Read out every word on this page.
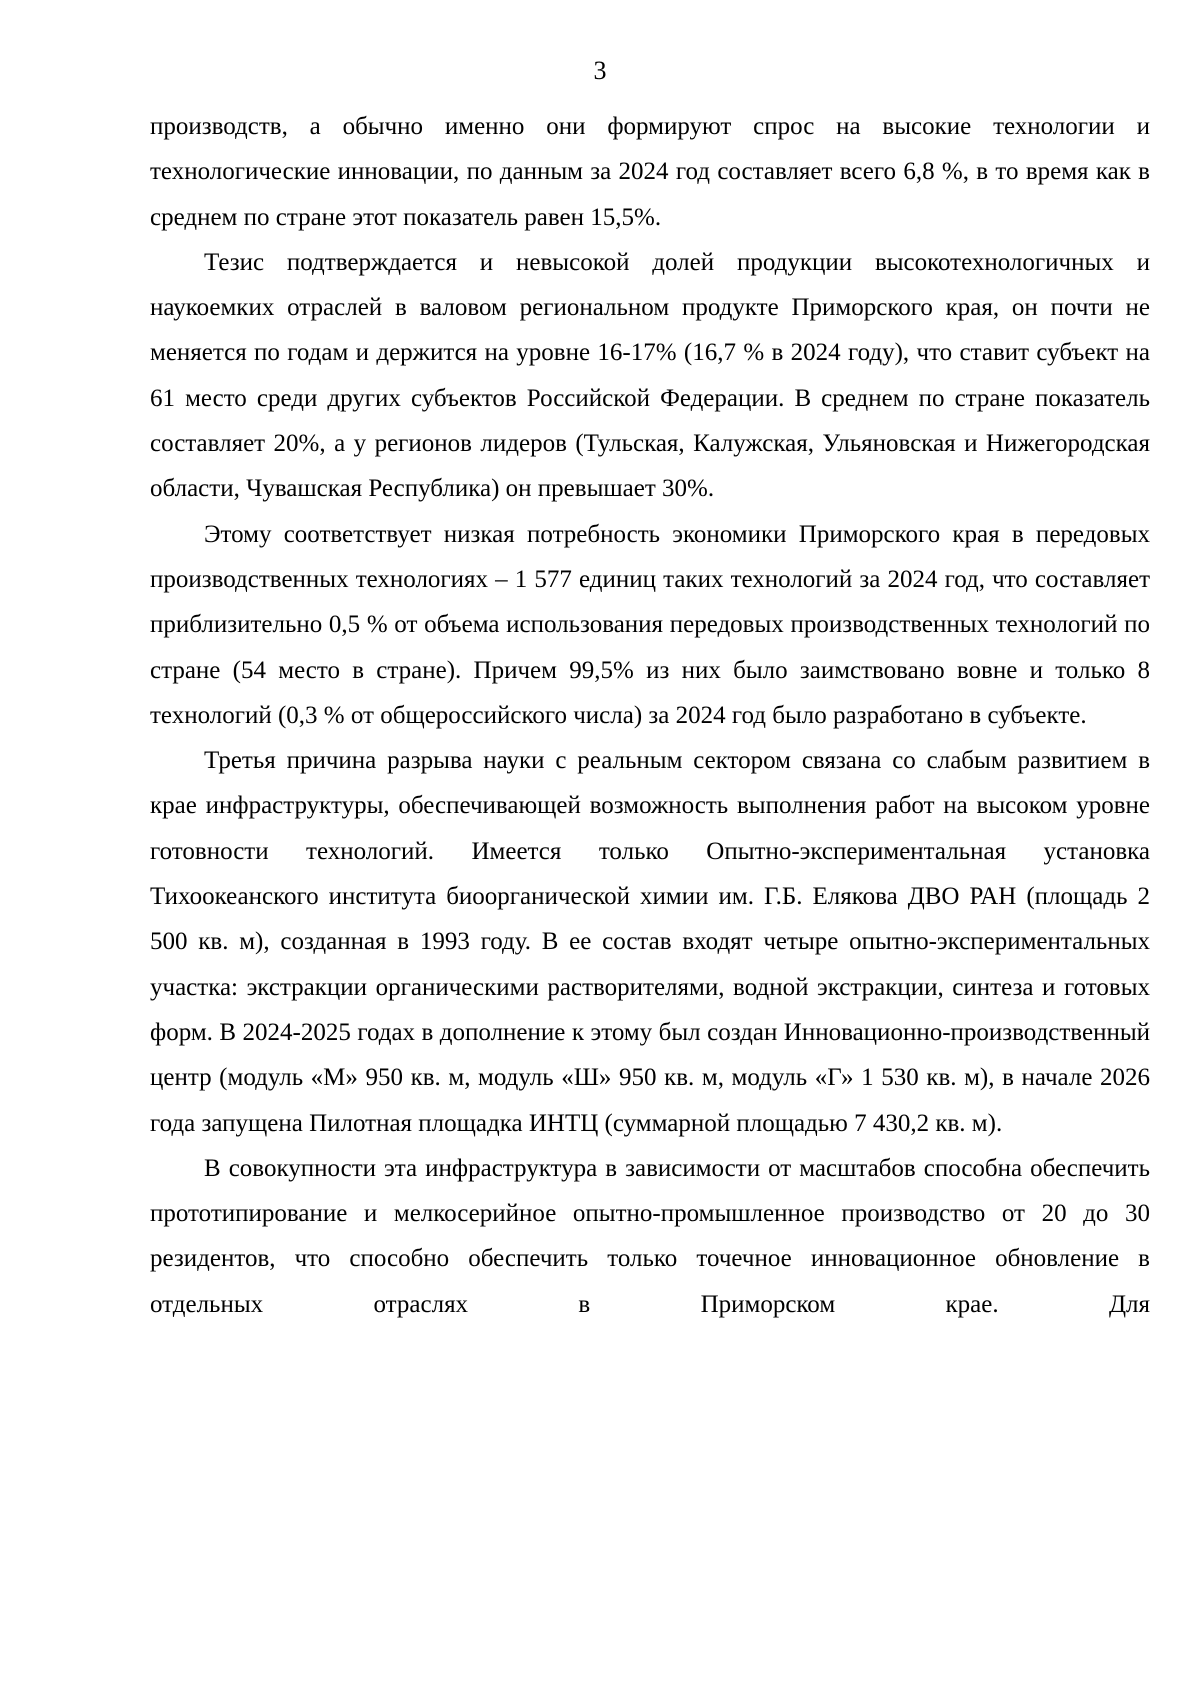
3

производств, а обычно именно они формируют спрос на высокие технологии и технологические инновации, по данным за 2024 год составляет всего 6,8 %, в то время как в среднем по стране этот показатель равен 15,5%.

Тезис подтверждается и невысокой долей продукции высокотехнологичных и наукоемких отраслей в валовом региональном продукте Приморского края, он почти не меняется по годам и держится на уровне 16-17% (16,7 % в 2024 году), что ставит субъект на 61 место среди других субъектов Российской Федерации. В среднем по стране показатель составляет 20%, а у регионов лидеров (Тульская, Калужская, Ульяновская и Нижегородская области, Чувашская Республика) он превышает 30%.

Этому соответствует низкая потребность экономики Приморского края в передовых производственных технологиях – 1 577 единиц таких технологий за 2024 год, что составляет приблизительно 0,5 % от объема использования передовых производственных технологий по стране (54 место в стране). Причем 99,5% из них было заимствовано вовне и только 8 технологий (0,3 % от общероссийского числа) за 2024 год было разработано в субъекте.

Третья причина разрыва науки с реальным сектором связана со слабым развитием в крае инфраструктуры, обеспечивающей возможность выполнения работ на высоком уровне готовности технологий. Имеется только Опытно-экспериментальная установка Тихоокеанского института биоорганической химии им. Г.Б. Елякова ДВО РАН (площадь 2 500 кв. м), созданная в 1993 году. В ее состав входят четыре опытно-экспериментальных участка: экстракции органическими растворителями, водной экстракции, синтеза и готовых форм. В 2024-2025 годах в дополнение к этому был создан Инновационно-производственный центр (модуль «М» 950 кв. м, модуль «Ш» 950 кв. м, модуль «Г» 1 530 кв. м), в начале 2026 года запущена Пилотная площадка ИНТЦ (суммарной площадью 7 430,2 кв. м).

В совокупности эта инфраструктура в зависимости от масштабов способна обеспечить прототипирование и мелкосерийное опытно-промышленное производство от 20 до 30 резидентов, что способно обеспечить только точечное инновационное обновление в отдельных отраслях в Приморском крае. Для
